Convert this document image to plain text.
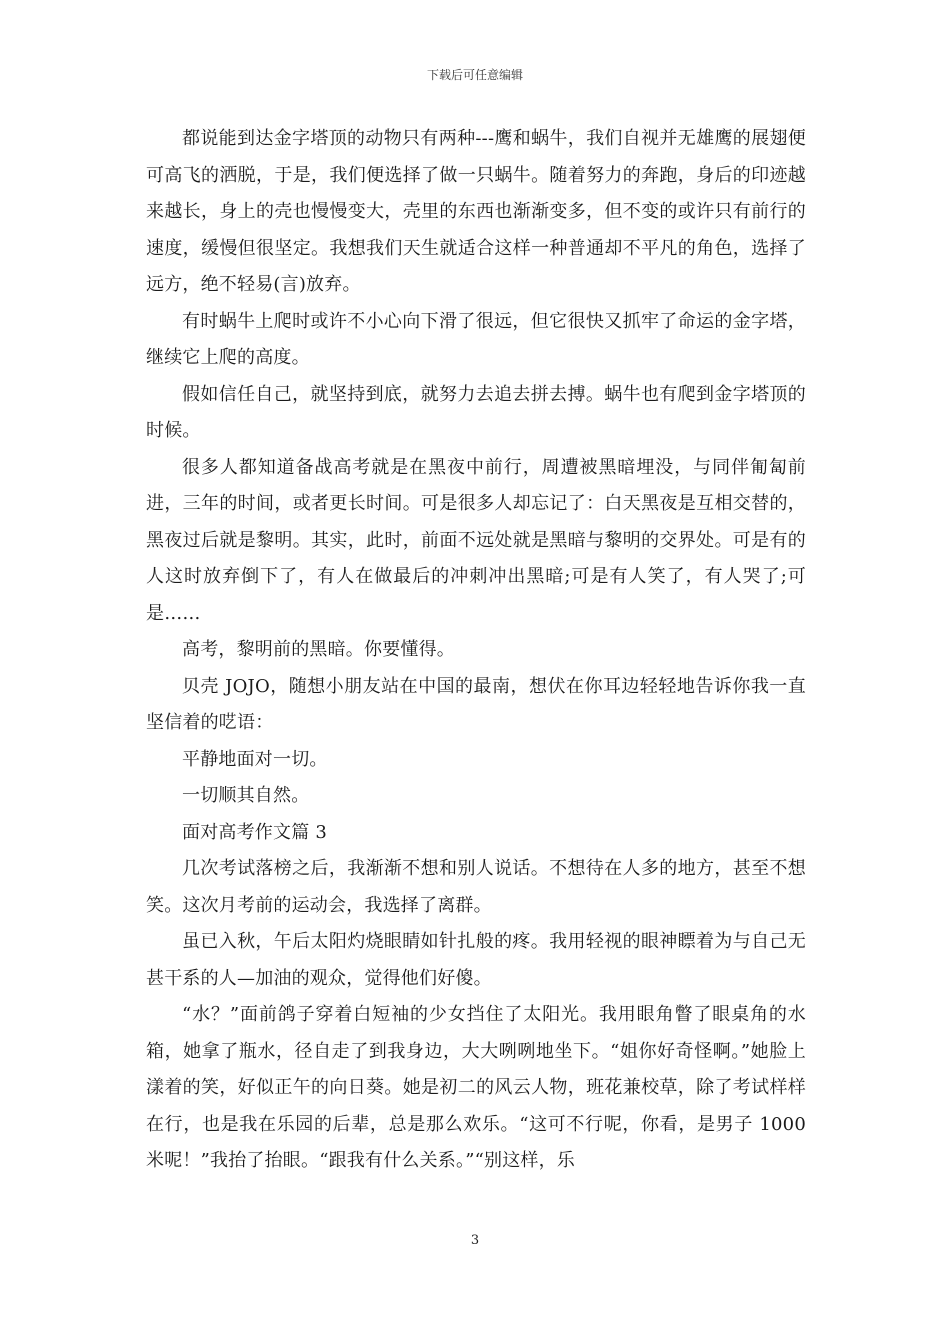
下载后可任意编辑

都说能到达金字塔顶的动物只有两种---鹰和蜗牛，我们自视并无雄鹰的展翅便可高飞的洒脱，于是，我们便选择了做一只蜗牛。随着努力的奔跑，身后的印迹越来越长，身上的壳也慢慢变大，壳里的东西也渐渐变多，但不变的或许只有前行的速度，缓慢但很坚定。我想我们天生就适合这样一种普通却不平凡的角色，选择了远方，绝不轻易(言)放弃。

有时蜗牛上爬时或许不小心向下滑了很远，但它很快又抓牢了命运的金字塔，继续它上爬的高度。

假如信任自己，就坚持到底，就努力去追去拼去搏。蜗牛也有爬到金字塔顶的时候。

很多人都知道备战高考就是在黑夜中前行，周遭被黑暗埋没，与同伴匍匐前进，三年的时间，或者更长时间。可是很多人却忘记了：白天黑夜是互相交替的，黑夜过后就是黎明。其实，此时，前面不远处就是黑暗与黎明的交界处。可是有的人这时放弃倒下了，有人在做最后的冲刺冲出黑暗;可是有人笑了，有人哭了;可是……

高考，黎明前的黑暗。你要懂得。

贝壳 JOJO，随想小朋友站在中国的最南，想伏在你耳边轻轻地告诉你我一直坚信着的呓语：

平静地面对一切。

一切顺其自然。

面对高考作文篇 3

几次考试落榜之后，我渐渐不想和别人说话。不想待在人多的地方，甚至不想笑。这次月考前的运动会，我选择了离群。

虽已入秋，午后太阳灼烧眼睛如针扎般的疼。我用轻视的眼神瞟着为与自己无甚干系的人—加油的观众，觉得他们好傻。

“水？”面前鸽子穿着白短袖的少女挡住了太阳光。我用眼角瞥了眼桌角的水箱，她拿了瓶水，径自走了到我身边，大大咧咧地坐下。“姐你好奇怪啊。”她脸上漾着的笑，好似正午的向日葵。她是初二的风云人物，班花兼校草，除了考试样样在行，也是我在乐园的后辈，总是那么欢乐。“这可不行呢，你看，是男子 1000 米呢！”我抬了抬眼。“跟我有什么关系。”“别这样，乐

3
